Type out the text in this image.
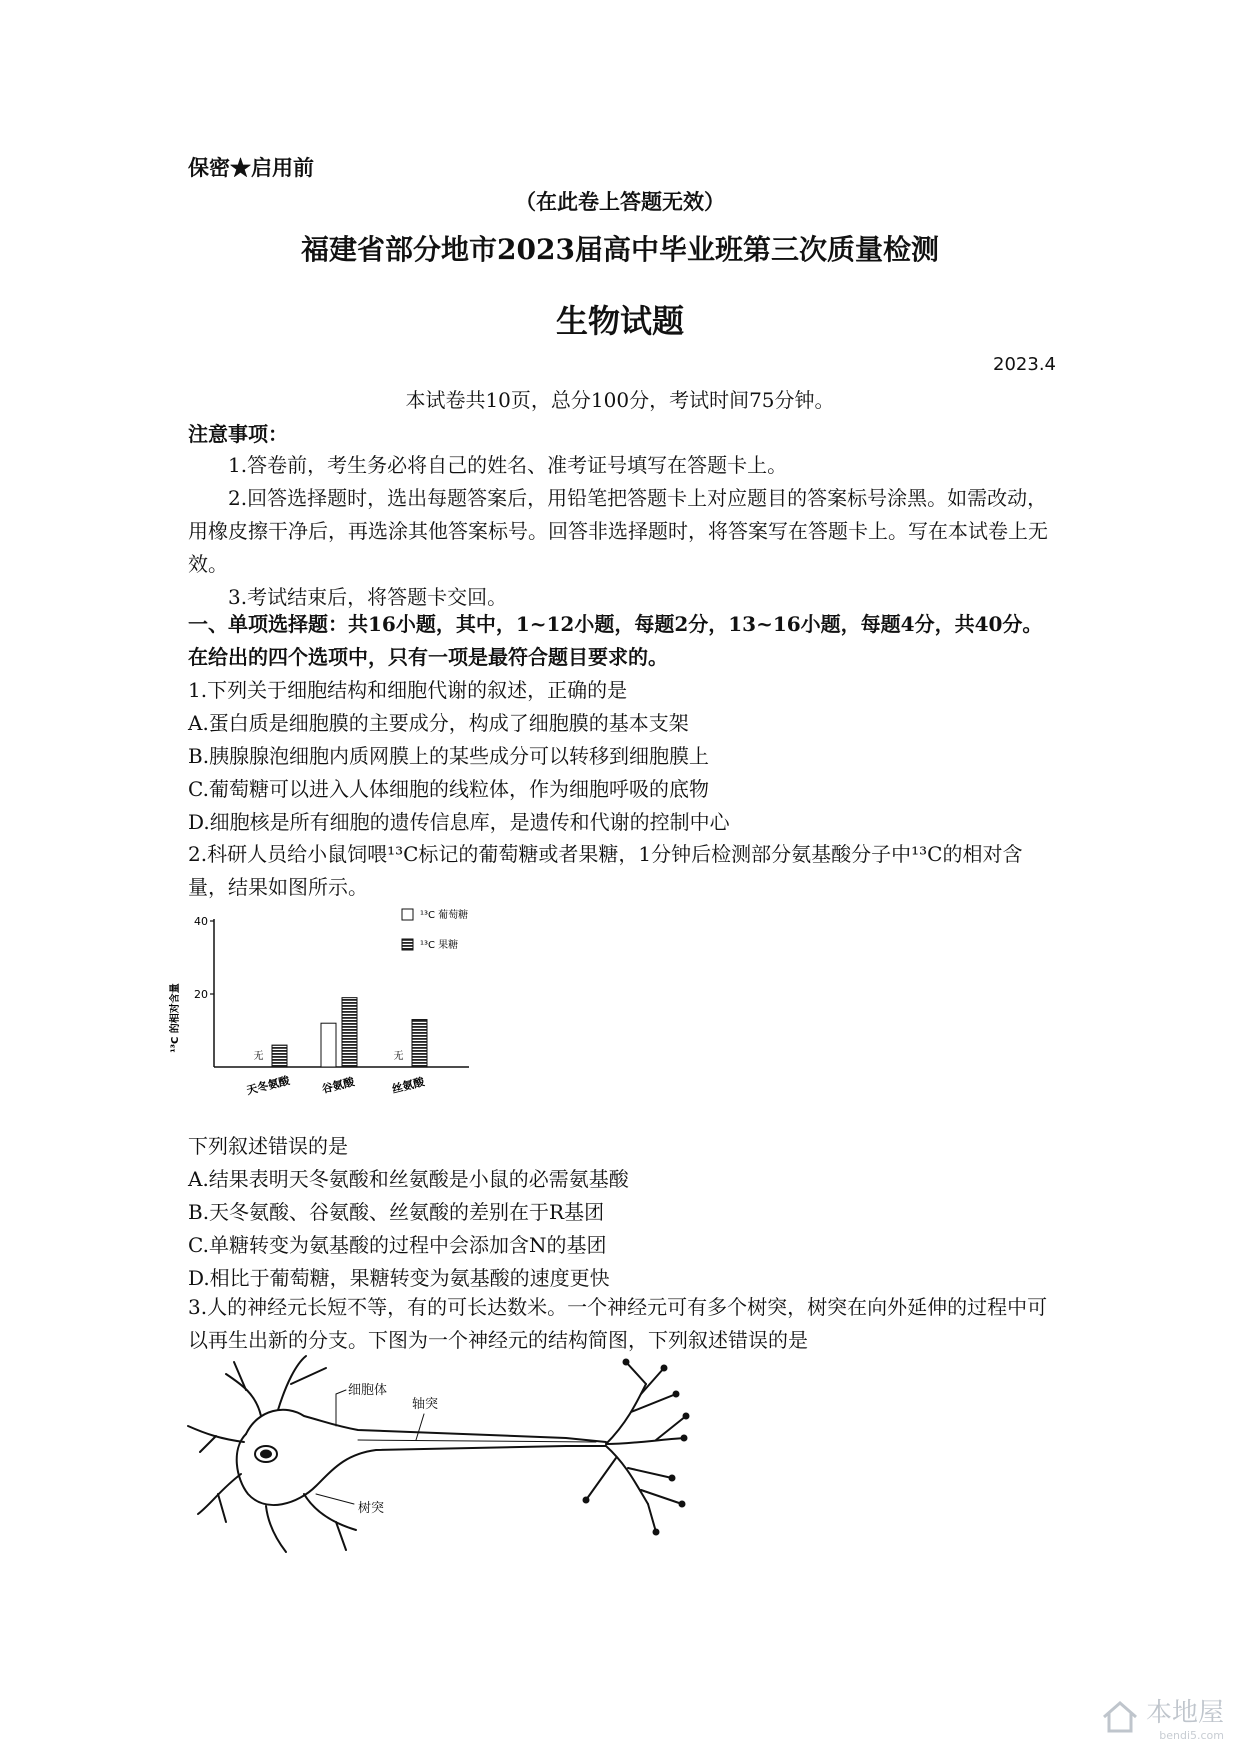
保密★启用前
（在此卷上答题无效）
福建省部分地市2023届高中毕业班第三次质量检测
生物试题
2023.4
本试卷共10页，总分100分，考试时间75分钟。

注意事项：

1.答卷前，考生务必将自己的姓名、准考证号填写在答题卡上。

2.回答选择题时，选出每题答案后，用铅笔把答题卡上对应题目的答案标号涂黑。如需改动，用橡皮擦干净后，再选涂其他答案标号。回答非选择题时，将答案写在答题卡上。写在本试卷上无效。

3.考试结束后，将答题卡交回。

一、单项选择题：共16小题，其中，1~12小题，每题2分，13~16小题，每题4分，共40分。在给出的四个选项中，只有一项是最符合题目要求的。

1.下列关于细胞结构和细胞代谢的叙述，正确的是

A.蛋白质是细胞膜的主要成分，构成了细胞膜的基本支架

B.胰腺腺泡细胞内质网膜上的某些成分可以转移到细胞膜上

C.葡萄糖可以进入人体细胞的线粒体，作为细胞呼吸的底物

D.细胞核是所有细胞的遗传信息库，是遗传和代谢的控制中心

2.科研人员给小鼠饲喂¹³C标记的葡萄糖或者果糖，1分钟后检测部分氨基酸分子中¹³C的相对含量，结果如图所示。

¹³C 的相对含量
无	无
20
40
天冬氨酸	谷氨酸	丝氨酸
¹³C 葡萄糖
¹³C 果糖

下列叙述错误的是

A.结果表明天冬氨酸和丝氨酸是小鼠的必需氨基酸

B.天冬氨酸、谷氨酸、丝氨酸的差别在于R基团

C.单糖转变为氨基酸的过程中会添加含N的基团

D.相比于葡萄糖，果糖转变为氨基酸的速度更快

3.人的神经元长短不等，有的可长达数米。一个神经元可有多个树突，树突在向外延伸的过程中可以再生出新的分支。下图为一个神经元的结构简图，下列叙述错误的是

细胞体
轴突
树突
本地屋
bendi5.com
